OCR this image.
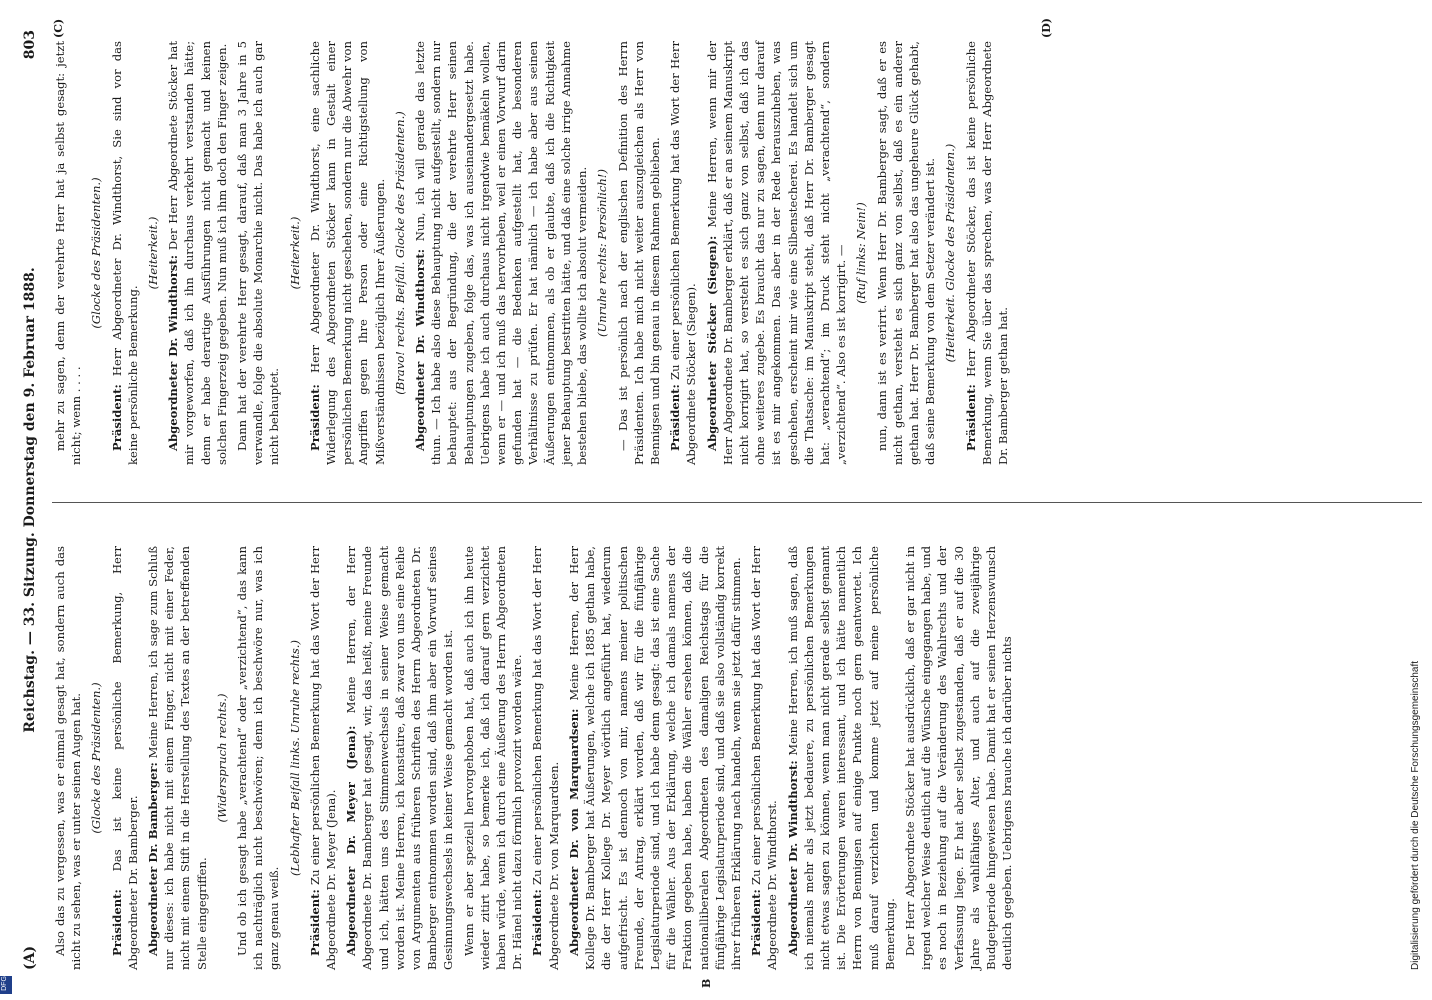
(A)
Reichstag. — 33. Sitzung. Donnerstag den 9. Februar 1888.
803

Also das zu vergessen, was er einmal gesagt hat, sondern auch das nicht zu sehen, was er unter seinen Augen hat. (Glocke des Präsidenten.)

Präsident: Das ist keine persönliche Bemerkung, Herr Abgeordneter Dr. Bamberger. Abgeordneter Dr. Bamberger: Meine Herren, ich sage zum Schluß nur dieses: ich habe nicht mit einem Finger, nicht mit einer Feder, nicht mit einem Stift in die Herstellung des Textes an der betreffenden Stelle eingegriffen.

(Widerspruch rechts.) Und ob ich gesagt habe „verachtend“ oder „verzichtend“, das kann ich nachträglich nicht beschwören; denn ich beschwöre nur, was ich ganz genau weiß.

(Lebhafter Beifall links. Unruhe rechts.)

Präsident: Zu einer persönlichen Bemerkung hat das Wort der Herr Abgeordnete Dr. Meyer (Jena). Abgeordneter Dr. Meyer (Jena): Meine Herren, der Herr Abgeordnete Dr. Bamberger hat gesagt, wir, das heißt, meine Freunde und ich, hätten uns des Stimmenwechsels in seiner Weise gemacht worden ist. Meine Herren, ich konstatire, daß zwar von uns eine Reihe von Argumenten aus früheren Schriften des Herrn Abgeordneten Dr. Bamberger entnommen worden sind, daß ihm aber ein Vorwurf seines Gesinnungswechsels in keiner Weise gemacht worden ist. Wenn er aber speziell hervorgehoben hat, daß auch ich ihn heute wieder zitirt habe, so bemerke ich, daß ich darauf gern verzichtet haben würde, wenn ich durch eine Äußerung des Herrn Abgeordneten Dr. Hänel nicht dazu förmlich provozirt worden wäre. Präsident: Zu einer persönlichen Bemerkung hat das Wort der Herr Abgeordnete Dr. von Marquardsen. Abgeordneter Dr. von Marquardsen: Meine Herren, der Herr Kollege Dr. Bamberger hat Äußerungen, welche ich 1885 gethan habe, die der Herr Kollege Dr. Meyer wörtlich angeführt hat, wiederum aufgefrischt. Es ist dennoch von mir, namens meiner politischen Freunde, der Antrag, erklärt worden, daß wir für die fünfjährige Legislaturperiode sind, und ich habe denn gesagt: das ist eine Sache für die Wähler. Aus der Erklärung, welche ich damals namens der Fraktion gegeben habe, haben die Wähler ersehen können, daß die nationalliberalen Abgeordneten des damaligen Reichstags für die fünfjährige Legislaturperiode sind, und daß sie also vollständig korrekt ihrer früheren Erklärung nach handeln, wenn sie jetzt dafür stimmen. Präsident: Zu einer persönlichen Bemerkung hat das Wort der Herr Abgeordnete Dr. Windthorst. Abgeordneter Dr. Windthorst: Meine Herren, ich muß sagen, daß ich niemals mehr als jetzt bedauere, zu persönlichen Bemerkungen nicht etwas sagen zu können, wenn man nicht gerade selbst genannt ist. Die Erörterungen waren interessant, und ich hätte namentlich Herrn von Bennigsen auf einige Punkte noch gern geantwortet. Ich muß darauf verzichten und komme jetzt auf meine persönliche Bemerkung. Der Herr Abgeordnete Stöcker hat ausdrücklich, daß er gar nicht in irgend welcher Weise deutlich auf die Wünsche eingegangen habe, und es noch in Beziehung auf die Veränderung des Wahlrechts und der Verfassung liege. Er hat aber selbst zugestanden, daß er auf die 30 Jahre als wahlfähiges Alter, und auch auf die zweijährige Budgetperiode hingewiesen habe. Damit hat er seinen Herzenswunsch deutlich gegeben. Uebrigens brauche ich darüber nichts

mehr zu sagen, denn der verehrte Herr hat ja selbst gesagt: jetzt nicht; wenn . . . .

(Glocke des Präsidenten.)

Präsident: Herr Abgeordneter Dr. Windthorst, Sie sind vor das keine persönliche Bemerkung.

(Heiterkeit.)

Abgeordneter Dr. Windthorst: Der Herr Abgeordnete Stöcker hat mir vorgeworfen, daß ich ihn durchaus verkehrt verstanden hätte; denn er habe derartige Ausführungen nicht gemacht und keinen solchen Fingerzeig gegeben. Nun muß ich ihm doch den Finger zeigen. Dann hat der verehrte Herr gesagt, darauf, daß man 3 Jahre in 5 verwandle, folge die absolute Monarchie nicht. Das habe ich auch gar nicht behauptet.

(Heiterkeit.)

Präsident: Herr Abgeordneter Dr. Windthorst, eine sachliche Widerlegung des Abgeordneten Stöcker kann in Gestalt einer persönlichen Bemerkung nicht geschehen, sondern nur die Abwehr von Angriffen gegen Ihre Person oder eine Richtigstellung von Mißverständnissen bezüglich Ihrer Äußerungen. (Bravo! rechts. Beifall. Glocke des Präsidenten.) Abgeordneter Dr. Windthorst: Nun, ich will gerade das letzte thun. — Ich habe also diese Behauptung nicht aufgestellt, sondern nur behauptet: aus der Begründung, die der verehrte Herr seinen Behauptungen zugeben, folge das, was ich auseinandergesetzt habe. Uebrigens habe ich auch durchaus nicht irgendwie bemäkeln wollen, wenn er — und ich muß das hervorheben, weil er einen Vorwurf darin gefunden hat — die Bedenken aufgestellt hat, die besonderen Verhältnisse zu prüfen. Er hat nämlich — ich habe aber aus seinen Äußerungen entnommen, als ob er glaubte, daß ich die Richtigkeit jener Behauptung bestritten hätte, und daß eine solche irrige Annahme bestehen bliebe, das wollte ich absolut vermeiden. (Unruhe rechts: Persönlich!) — Das ist persönlich nach der englischen Definition des Herrn Präsidenten. Ich habe mich nicht weiter auszugleichen als Herr von Bennigsen und bin genau in diesem Rahmen geblieben. Präsident: Zu einer persönlichen Bemerkung hat das Wort der Herr Abgeordnete Stöcker (Siegen). Abgeordneter Stöcker (Siegen): Meine Herren, wenn mir der Herr Abgeordnete Dr. Bamberger erklärt, daß er an seinem Manuskript nicht korrigirt hat, so versteht es sich ganz von selbst, daß ich das ohne weiteres zugebe. Es braucht das nur zu sagen, denn nur darauf ist es mir angekommen. Das aber in der Rede herauszuheben, was geschehen, erscheint mir wie eine Silbenstecherei. Es handelt sich um die Thatsache: im Manuskript steht, daß Herr Dr. Bamberger gesagt hat: „verachtend“; im Druck steht nicht „verachtend“, sondern „verzichtend“. Also es ist korrigirt. — (Ruf links: Nein!) nun, dann ist es verirrt. Wenn Herr Dr. Bamberger sagt, daß er es nicht gethan, versteht es sich ganz von selbst, daß es ein anderer gethan hat. Herr Dr. Bamberger hat also das ungeheure Glück gehabt, daß seine Bemerkung von dem Setzer verändert ist. (Heiterkeit. Glocke des Präsidenten.)

Präsident: Herr Abgeordneter Stöcker, das ist keine persönliche Bemerkung, wenn Sie über das sprechen, was der Herr Abgeordnete Dr. Bamberger gethan hat.

B
(C)	(D)
Digitalisierung gefördert durch die Deutsche Forschungsgemeinschaft
DFG
